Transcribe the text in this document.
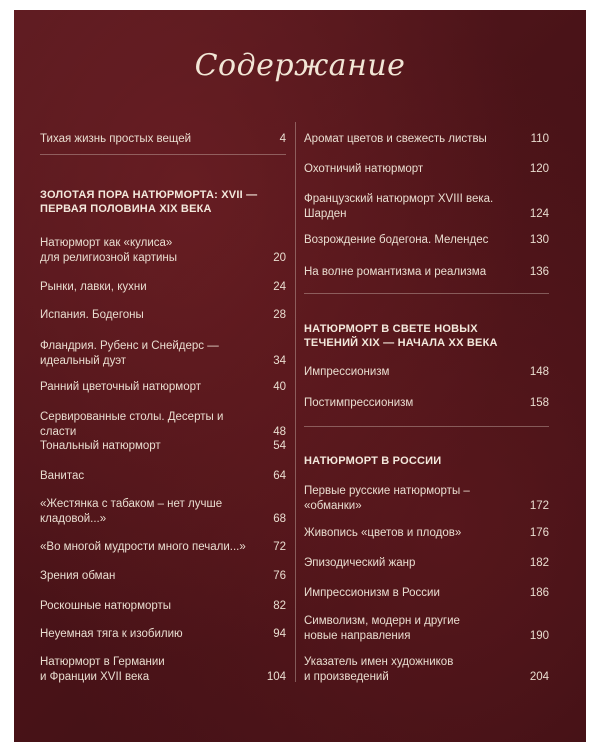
Содержание
Тихая жизнь простых вещей	4
ЗОЛОТАЯ ПОРА НАТЮРМОРТА: XVII —
ПЕРВАЯ ПОЛОВИНА XIX ВЕКА
Натюрморт как «кулиса»
для религиозной картины	20
Рынки, лавки, кухни	24
Испания. Бодегоны	28
Фландрия. Рубенс и Снейдерс —
идеальный дуэт	34
Ранний цветочный натюрморт	40
Сервированные столы. Десерты и сласти	48
Тональный натюрморт	54
Ванитас	64
«Жестянка с табаком – нет лучше
кладовой...»	68
«Во многой мудрости много печали...»	72
Зрения обман	76
Роскошные натюрморты	82
Неуемная тяга к изобилию	94
Натюрморт в Германии
и Франции XVII века	104
Аромат цветов и свежесть листвы	110
Охотничий натюрморт	120
Французский натюрморт XVIII века.
Шарден	124
Возрождение бодегона. Мелендес	130
На волне романтизма и реализма	136
НАТЮРМОРТ В СВЕТЕ НОВЫХ
ТЕЧЕНИЙ XIX — НАЧАЛА XX ВЕКА
Импрессионизм	148
Постимпрессионизм	158
НАТЮРМОРТ В РОССИИ
Первые русские натюрморты –
«обманки»	172
Живопись «цветов и плодов»	176
Эпизодический жанр	182
Импрессионизм в России	186
Символизм, модерн и другие
новые направления	190
Указатель имен художников
и произведений	204
